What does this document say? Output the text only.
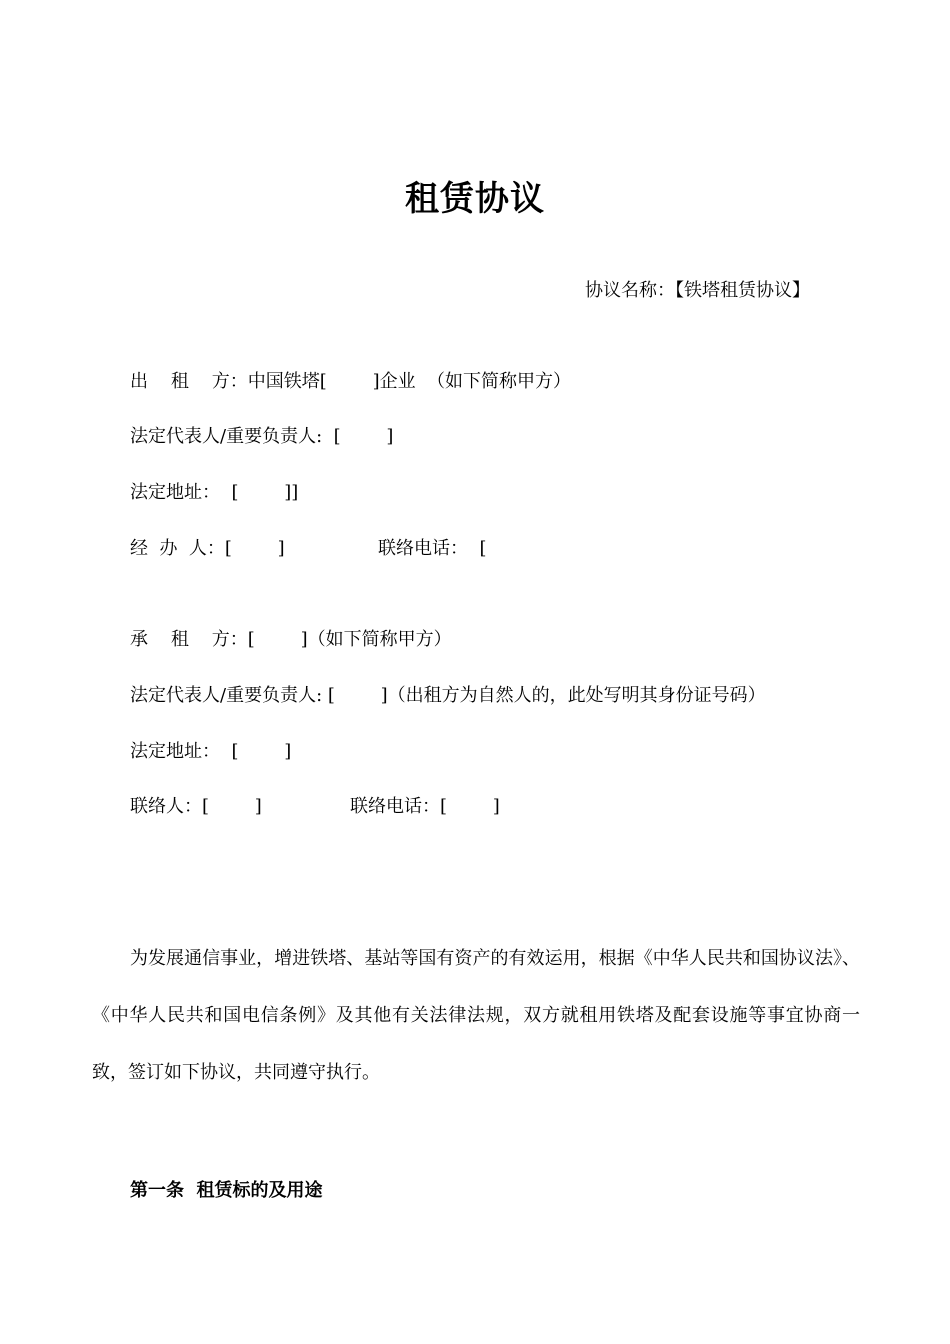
租赁协议
协议名称：【铁塔租赁协议】
出    租    方：中国铁塔[        ]企业  （如下简称甲方）
法定代表人/重要负责人:  [        ]
法定地址：  [        ]]
经  办  人：[        ]	联络电话：  [
承    租    方：[        ]（如下简称甲方）
法定代表人/重要负责人: [        ]（出租方为自然人的，此处写明其身份证号码）
法定地址：  [        ]
联络人：[        ]	联络电话：[        ]
为发展通信事业，增进铁塔、基站等国有资产的有效运用，根据《中华人民共和国协议法》、《中华人民共和国电信条例》及其他有关法律法规，双方就租用铁塔及配套设施等事宜协商一致，签订如下协议，共同遵守执行。
第一条  租赁标的及用途
